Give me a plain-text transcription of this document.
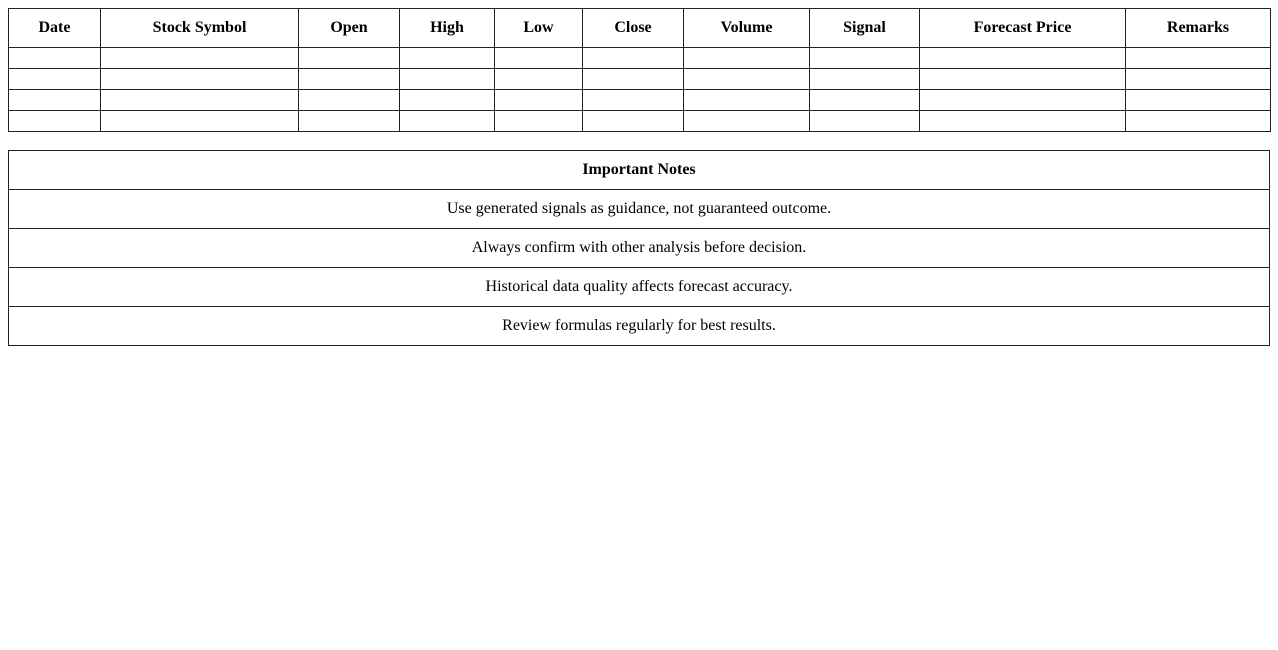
Date	Stock Symbol	Open	High	Low	Close	Volume	Signal	Forecast Price	Remarks

Important Notes
Use generated signals as guidance, not guaranteed outcome.
Always confirm with other analysis before decision.
Historical data quality affects forecast accuracy.
Review formulas regularly for best results.
